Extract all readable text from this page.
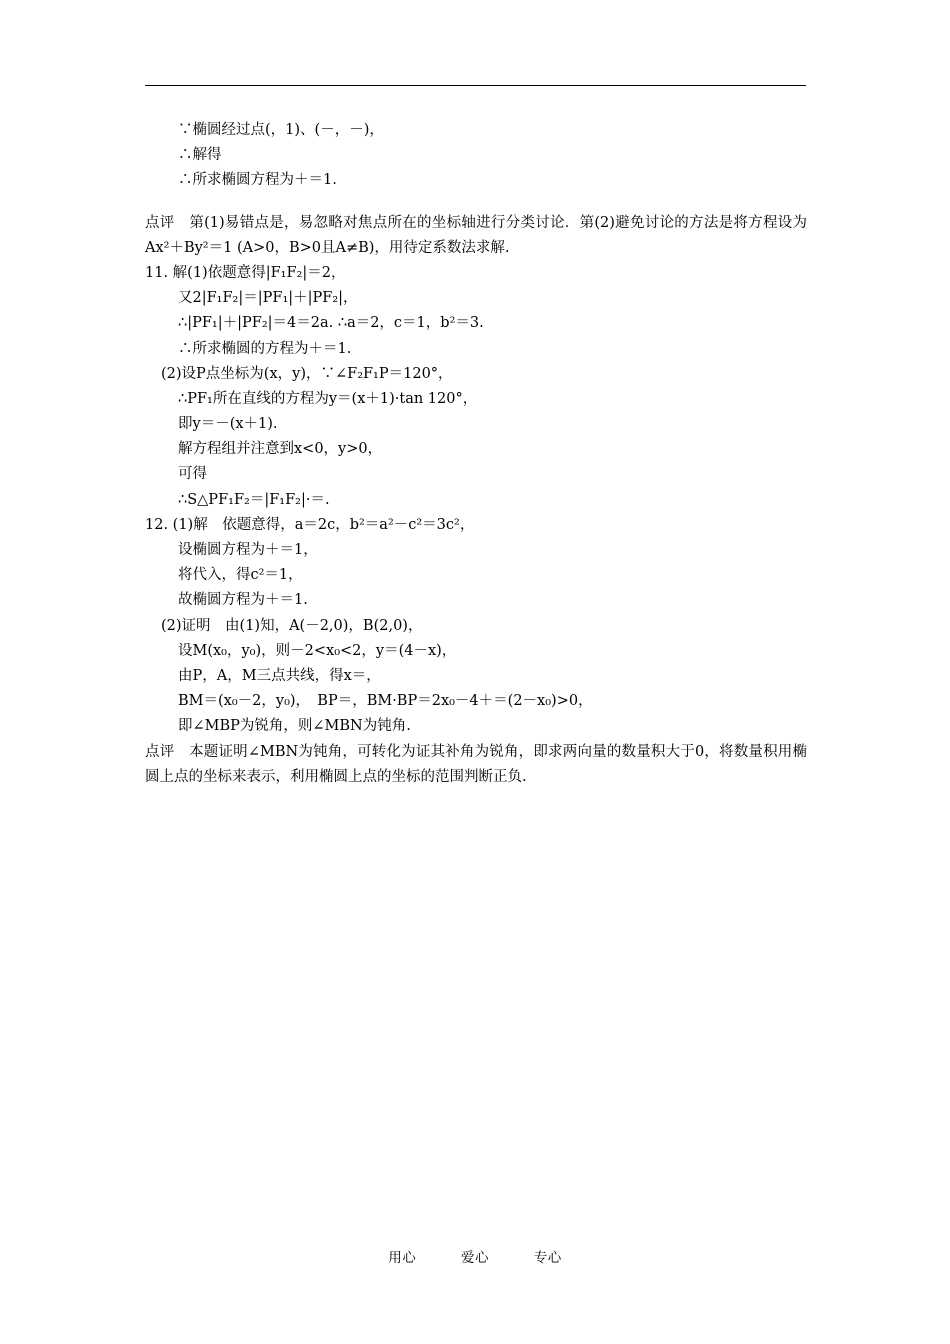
∵椭圆经过点(，1)、(－，－)，
∴解得
∴所求椭圆方程为＋＝1.
点评　第(1)易错点是，易忽略对焦点所在的坐标轴进行分类讨论．第(2)避免讨论的方法是将方程设为Ax²＋By²＝1 (A>0，B>0且A≠B)，用待定系数法求解.
11. 解(1)依题意得|F₁F₂|＝2，
又2|F₁F₂|＝|PF₁|＋|PF₂|，
∴|PF₁|＋|PF₂|＝4＝2a. ∴a＝2，c＝1，b²＝3.
∴所求椭圆的方程为＋＝1.
(2)设P点坐标为(x，y)，∵∠F₂F₁P＝120°，
∴PF₁所在直线的方程为y＝(x＋1)·tan 120°，
即y＝－(x＋1).
解方程组并注意到x<0，y>0，
可得
∴S△PF₁F₂＝|F₁F₂|·＝.
12. (1)解　依题意得，a＝2c，b²＝a²－c²＝3c²，
设椭圆方程为＋＝1，
将代入，得c²＝1，
故椭圆方程为＋＝1.
(2)证明　由(1)知，A(－2,0)，B(2,0)，
设M(x₀，y₀)，则－2<x₀<2，y＝(4－x)，
由P，A，M三点共线，得x＝，
BM＝(x₀－2，y₀)，　BP＝，BM·BP＝2x₀－4＋＝(2－x₀)>0，
即∠MBP为锐角，则∠MBN为钝角.
点评　本题证明∠MBN为钝角，可转化为证其补角为锐角，即求两向量的数量积大于0，将数量积用椭圆上点的坐标来表示，利用椭圆上点的坐标的范围判断正负.
用心	爱心	专心
